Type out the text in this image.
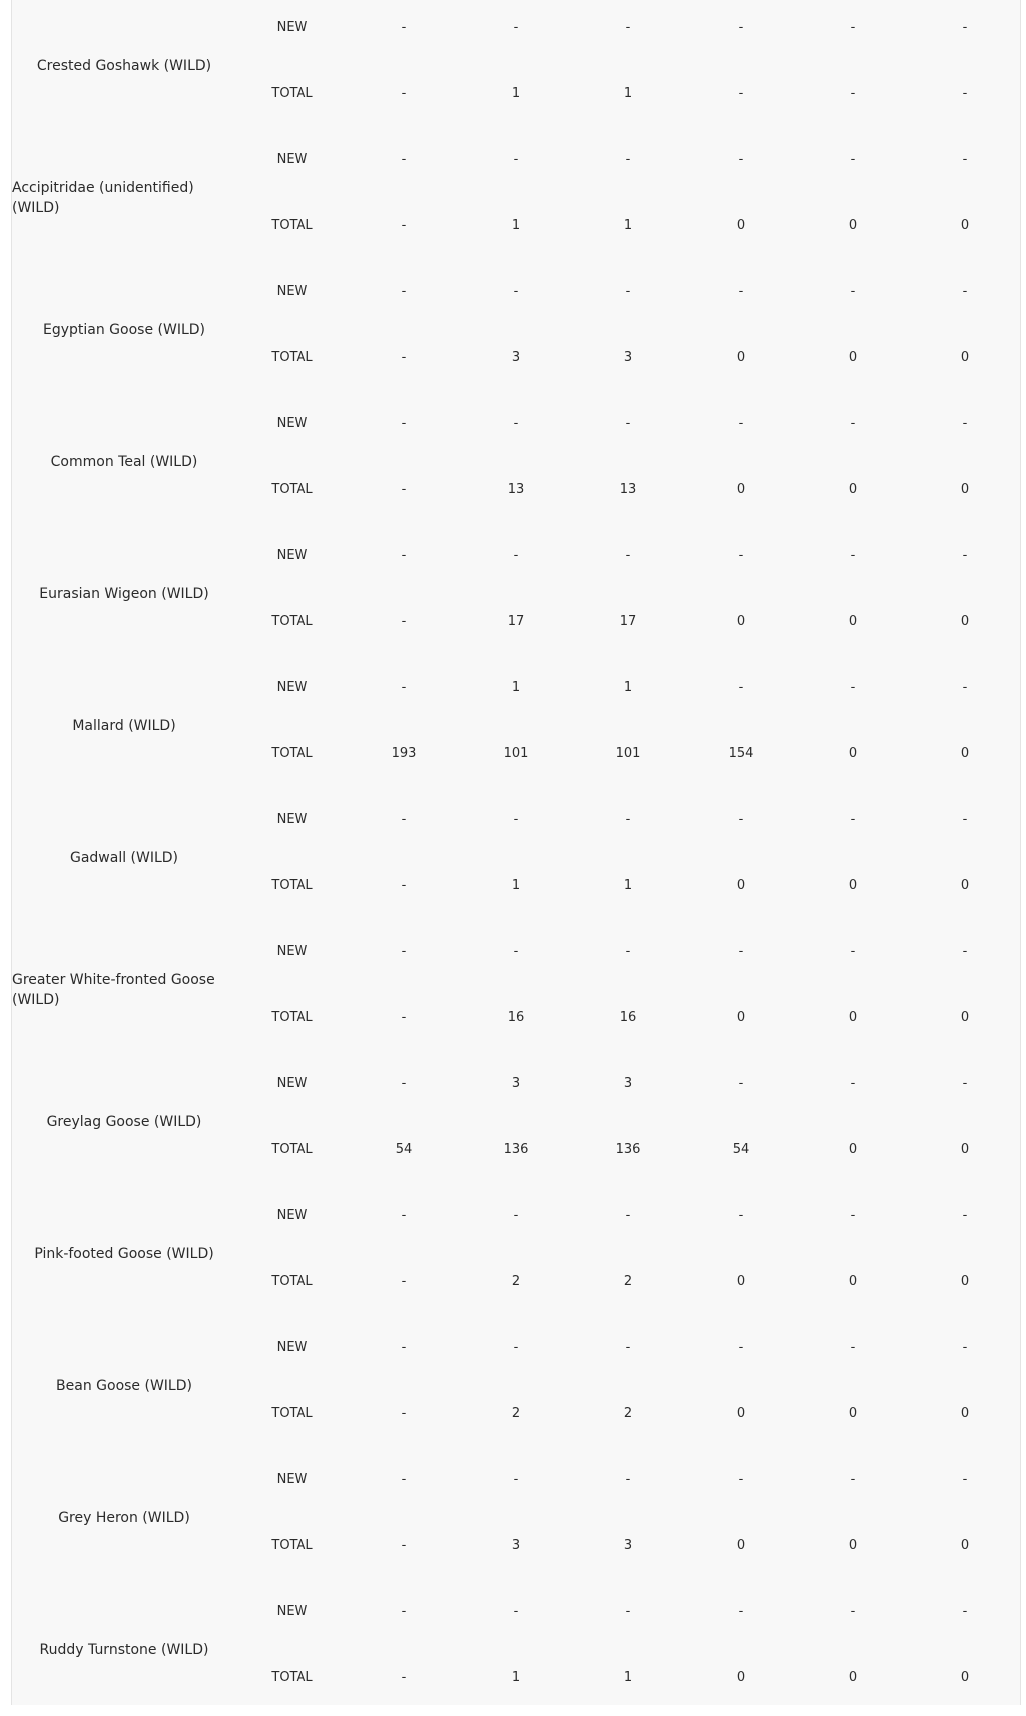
Crested Goshawk (WILD)
NEW	-	-	-	-	-	-
TOTAL	-	1	1	-	-	-
Accipitridae (unidentified) (WILD)
NEW	-	-	-	-	-	-
TOTAL	-	1	1	0	0	0
Egyptian Goose (WILD)
NEW	-	-	-	-	-	-
TOTAL	-	3	3	0	0	0
Common Teal (WILD)
NEW	-	-	-	-	-	-
TOTAL	-	13	13	0	0	0
Eurasian Wigeon (WILD)
NEW	-	-	-	-	-	-
TOTAL	-	17	17	0	0	0
Mallard (WILD)
NEW	-	1	1	-	-	-
TOTAL	193	101	101	154	0	0
Gadwall (WILD)
NEW	-	-	-	-	-	-
TOTAL	-	1	1	0	0	0
Greater White-fronted Goose (WILD)
NEW	-	-	-	-	-	-
TOTAL	-	16	16	0	0	0
Greylag Goose (WILD)
NEW	-	3	3	-	-	-
TOTAL	54	136	136	54	0	0
Pink-footed Goose (WILD)
NEW	-	-	-	-	-	-
TOTAL	-	2	2	0	0	0
Bean Goose (WILD)
NEW	-	-	-	-	-	-
TOTAL	-	2	2	0	0	0
Grey Heron (WILD)
NEW	-	-	-	-	-	-
TOTAL	-	3	3	0	0	0
Ruddy Turnstone (WILD)
NEW	-	-	-	-	-	-
TOTAL	-	1	1	0	0	0
